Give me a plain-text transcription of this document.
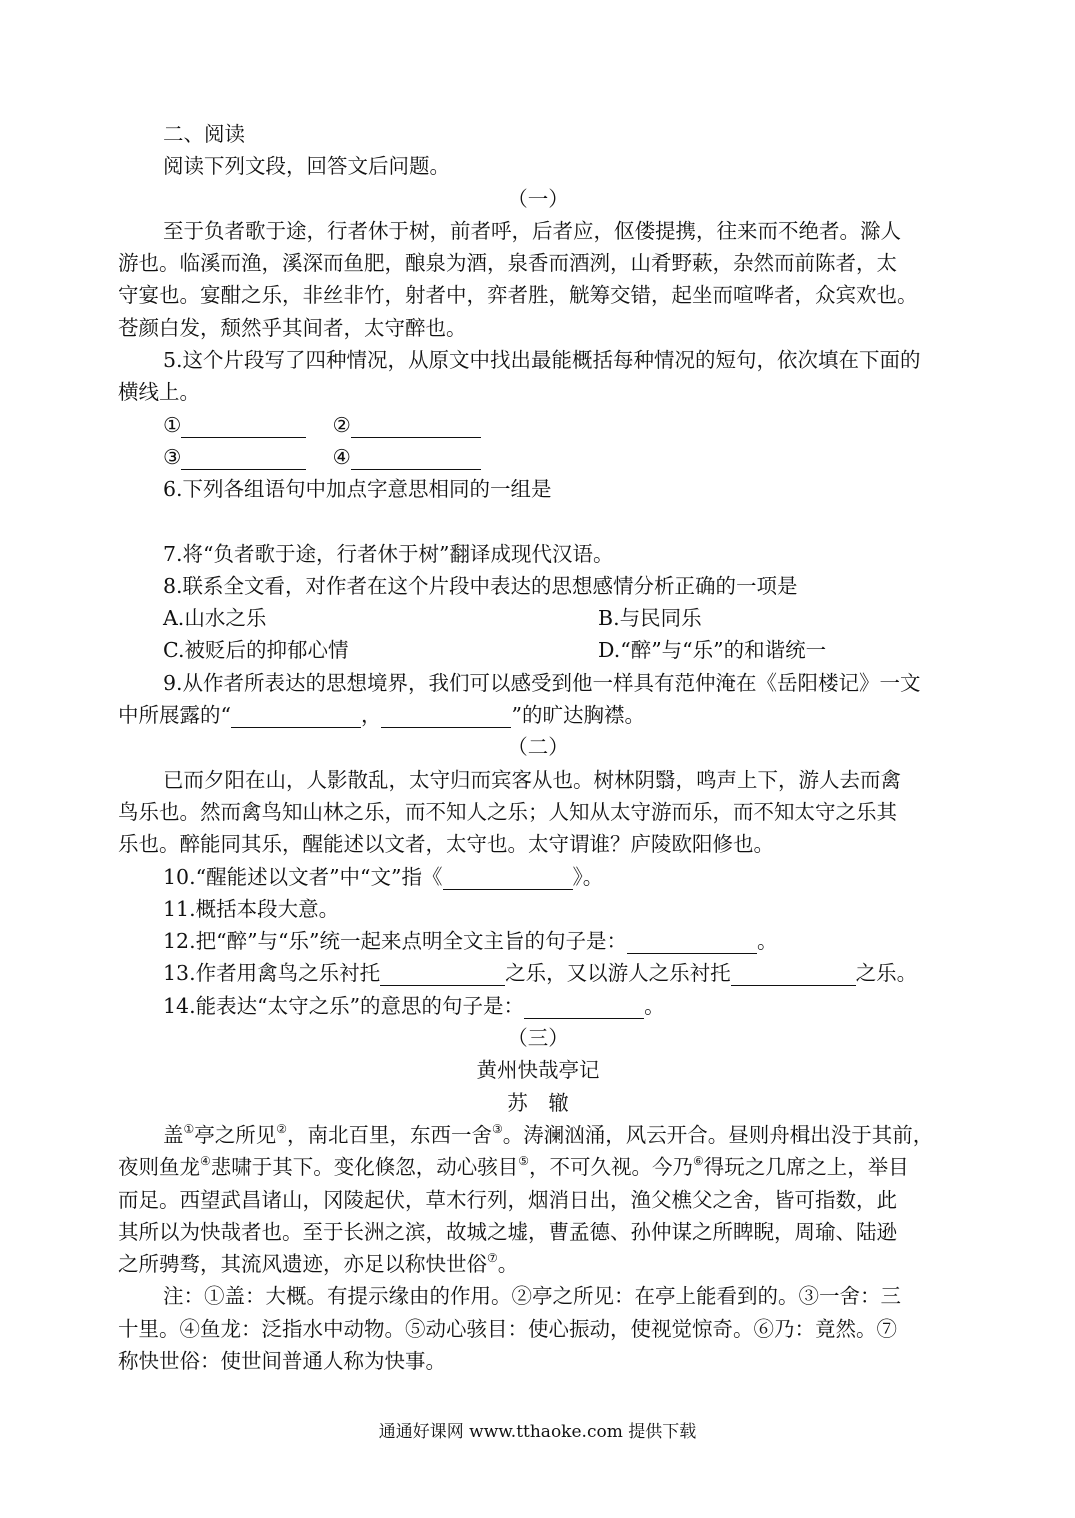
二、阅读
阅读下列文段，回答文后问题。
（一）
至于负者歌于途，行者休于树，前者呼，后者应，伛偻提携，往来而不绝者。滁人
游也。临溪而渔，溪深而鱼肥，酿泉为酒，泉香而酒洌，山肴野蔌，杂然而前陈者，太
守宴也。宴酣之乐，非丝非竹，射者中，弈者胜，觥筹交错，起坐而喧哗者，众宾欢也。
苍颜白发，颓然乎其间者，太守醉也。
5.这个片段写了四种情况，从原文中找出最能概括每种情况的短句，依次填在下面的
横线上。
①	②
③	④
6.下列各组语句中加点字意思相同的一组是
7.将“负者歌于途，行者休于树”翻译成现代汉语。
8.联系全文看，对作者在这个片段中表达的思想感情分析正确的一项是
A.山水之乐	B.与民同乐
C.被贬后的抑郁心情	D.“醉”与“乐”的和谐统一
9.从作者所表达的思想境界，我们可以感受到他一样具有范仲淹在《岳阳楼记》一文
中所展露的“	，	”的旷达胸襟。
（二）
已而夕阳在山，人影散乱，太守归而宾客从也。树林阴翳，鸣声上下，游人去而禽
鸟乐也。然而禽鸟知山林之乐，而不知人之乐；人知从太守游而乐，而不知太守之乐其
乐也。醉能同其乐，醒能述以文者，太守也。太守谓谁？庐陵欧阳修也。
10.“醒能述以文者”中“文”指《	》。
11.概括本段大意。
12.把“醉”与“乐”统一起来点明全文主旨的句子是：	。
13.作者用禽鸟之乐衬托	之乐，又以游人之乐衬托	之乐。
14.能表达“太守之乐”的意思的句子是：	。
（三）
黄州快哉亭记
苏　辙
盖①亭之所见②，南北百里，东西一舍③。涛澜汹涌，风云开合。昼则舟楫出没于其前，
夜则鱼龙④悲啸于其下。变化倏忽，动心骇目⑤，不可久视。今乃⑥得玩之几席之上，举目
而足。西望武昌诸山，冈陵起伏，草木行列，烟消日出，渔父樵父之舍，皆可指数，此
其所以为快哉者也。至于长洲之滨，故城之墟，曹孟德、孙仲谋之所睥睨，周瑜、陆逊
之所骋骛，其流风遗迹，亦足以称快世俗⑦。
注：①盖：大概。有提示缘由的作用。②亭之所见：在亭上能看到的。③一舍：三
十里。④鱼龙：泛指水中动物。⑤动心骇目：使心振动，使视觉惊奇。⑥乃：竟然。⑦
称快世俗：使世间普通人称为快事。
通通好课网 www.tthaoke.com 提供下载
